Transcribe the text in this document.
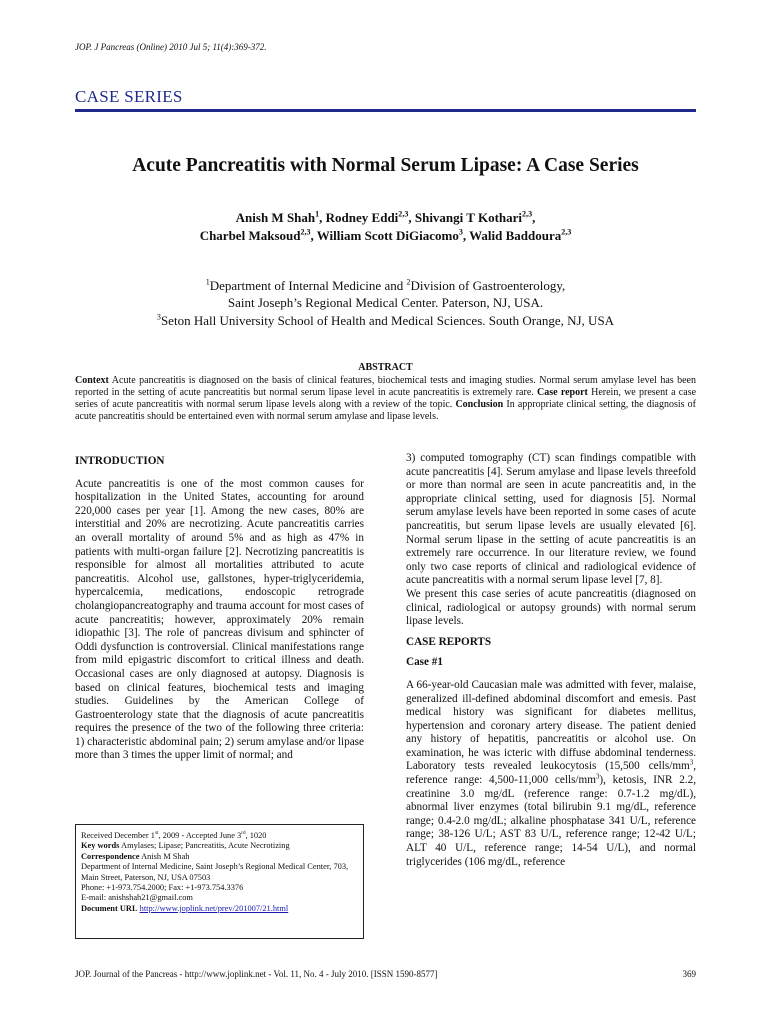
JOP. J Pancreas (Online) 2010 Jul 5; 11(4):369-372.
CASE SERIES
Acute Pancreatitis with Normal Serum Lipase: A Case Series
Anish M Shah$^1$, Rodney Eddi$^{2,3}$, Shivangi T Kothari$^{2,3}$,
Charbel Maksoud$^{2,3}$, William Scott DiGiacomo$^3$, Walid Baddoura$^{2,3}$
$^1$Department of Internal Medicine and $^2$Division of Gastroenterology,
Saint Joseph’s Regional Medical Center. Paterson, NJ, USA.
$^3$Seton Hall University School of Health and Medical Sciences. South Orange, NJ, USA
ABSTRACT
Context Acute pancreatitis is diagnosed on the basis of clinical features, biochemical tests and imaging studies. Normal serum amylase level has been reported in the setting of acute pancreatitis but normal serum lipase level in acute pancreatitis is extremely rare. Case report Herein, we present a case series of acute pancreatitis with normal serum lipase levels along with a review of the topic. Conclusion In appropriate clinical setting, the diagnosis of acute pancreatitis should be entertained even with normal serum amylase and lipase levels.
INTRODUCTION
Acute pancreatitis is one of the most common causes for hospitalization in the United States, accounting for around 220,000 cases per year [1]. Among the new cases, 80% are interstitial and 20% are necrotizing. Acute pancreatitis carries an overall mortality of around 5% and as high as 47% in patients with multi-organ failure [2]. Necrotizing pancreatitis is responsible for almost all mortalities attributed to acute pancreatitis. Alcohol use, gallstones, hyper-triglyceridemia, hypercalcemia, medications, endoscopic retrograde cholangiopancreatography and trauma account for most cases of acute pancreatitis; however, approximately 20% remain idiopathic [3]. The role of pancreas divisum and sphincter of Oddi dysfunction is controversial. Clinical manifestations range from mild epigastric discomfort to critical illness and death. Occasional cases are only diagnosed at autopsy. Diagnosis is based on clinical features, biochemical tests and imaging studies. Guidelines by the American College of Gastroenterology state that the diagnosis of acute pancreatitis requires the presence of the two of the following three criteria: 1) characteristic abdominal pain; 2) serum amylase and/or lipase more than 3 times the upper limit of normal; and
3) computed tomography (CT) scan findings compatible with acute pancreatitis [4]. Serum amylase and lipase levels threefold or more than normal are seen in acute pancreatitis and, in the appropriate clinical setting, used for diagnosis [5]. Normal serum amylase levels have been reported in some cases of acute pancreatitis, but serum lipase levels are usually elevated [6]. Normal serum lipase in the setting of acute pancreatitis is an extremely rare occurrence. In our literature review, we found only two case reports of clinical and radiological evidence of acute pancreatitis with a normal serum lipase level [7, 8].
We present this case series of acute pancreatitis (diagnosed on clinical, radiological or autopsy grounds) with normal serum lipase levels.
CASE REPORTS
Case #1
A 66-year-old Caucasian male was admitted with fever, malaise, generalized ill-defined abdominal discomfort and emesis. Past medical history was significant for diabetes mellitus, hypertension and coronary artery disease. The patient denied any history of hepatitis, pancreatitis or alcohol use. On examination, he was icteric with diffuse abdominal tenderness. Laboratory tests revealed leukocytosis (15,500 cells/$mm^3$, reference range: 4,500-11,000 cells/$mm^3$), ketosis, INR 2.2, creatinine 3.0 mg/dL (reference range: 0.7-1.2 mg/dL), abnormal liver enzymes (total bilirubin 9.1 mg/dL, reference range; 0.4-2.0 mg/dL; alkaline phosphatase 341 U/L, reference range; 38-126 U/L; AST 83 U/L, reference range; 12-42 U/L; ALT 40 U/L, reference range; 14-54 U/L), and normal triglycerides (106 mg/dL, reference
Received December 1st, 2009 - Accepted June 3rd, 1020
Key words Amylases; Lipase; Pancreatitis, Acute Necrotizing
Correspondence Anish M Shah
Department of Internal Medicine, Saint Joseph’s Regional Medical Center, 703, Main Street, Paterson, NJ, USA 07503
Phone: +1-973.754.2000; Fax: +1-973.754.3376
E-mail: anishshah21@gmail.com
Document URL http://www.joplink.net/prev/201007/21.html
JOP. Journal of the Pancreas - http://www.joplink.net - Vol. 11, No. 4 - July 2010. [ISSN 1590-8577]	369
